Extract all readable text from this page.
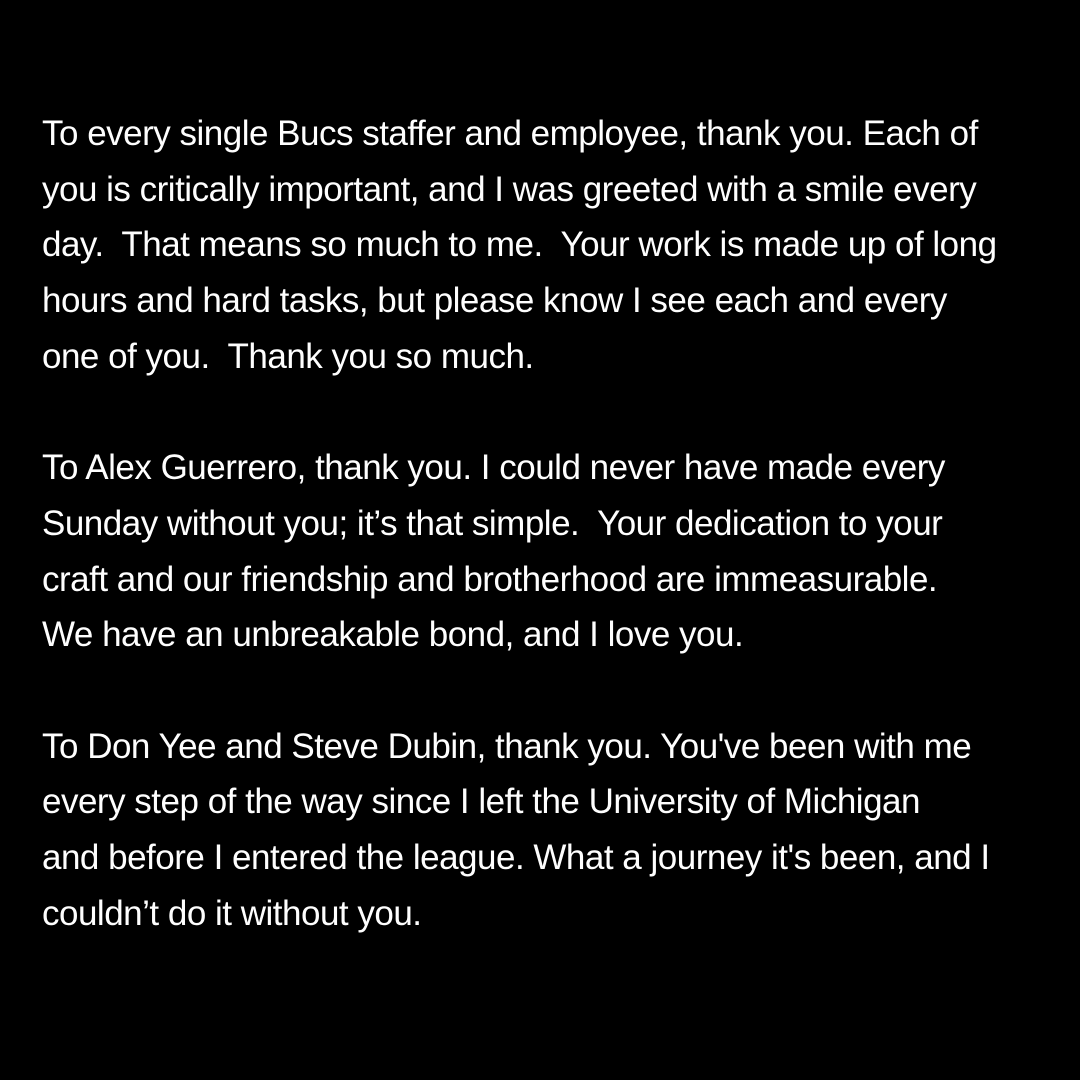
To every single Bucs staffer and employee, thank you. Each of
you is critically important, and I was greeted with a smile every
day.  That means so much to me.  Your work is made up of long
hours and hard tasks, but please know I see each and every
one of you.  Thank you so much.
To Alex Guerrero, thank you. I could never have made every
Sunday without you; it’s that simple.  Your dedication to your
craft and our friendship and brotherhood are immeasurable.
We have an unbreakable bond, and I love you.
To Don Yee and Steve Dubin, thank you. You've been with me
every step of the way since I left the University of Michigan
and before I entered the league. What a journey it's been, and I
couldn’t do it without you.
